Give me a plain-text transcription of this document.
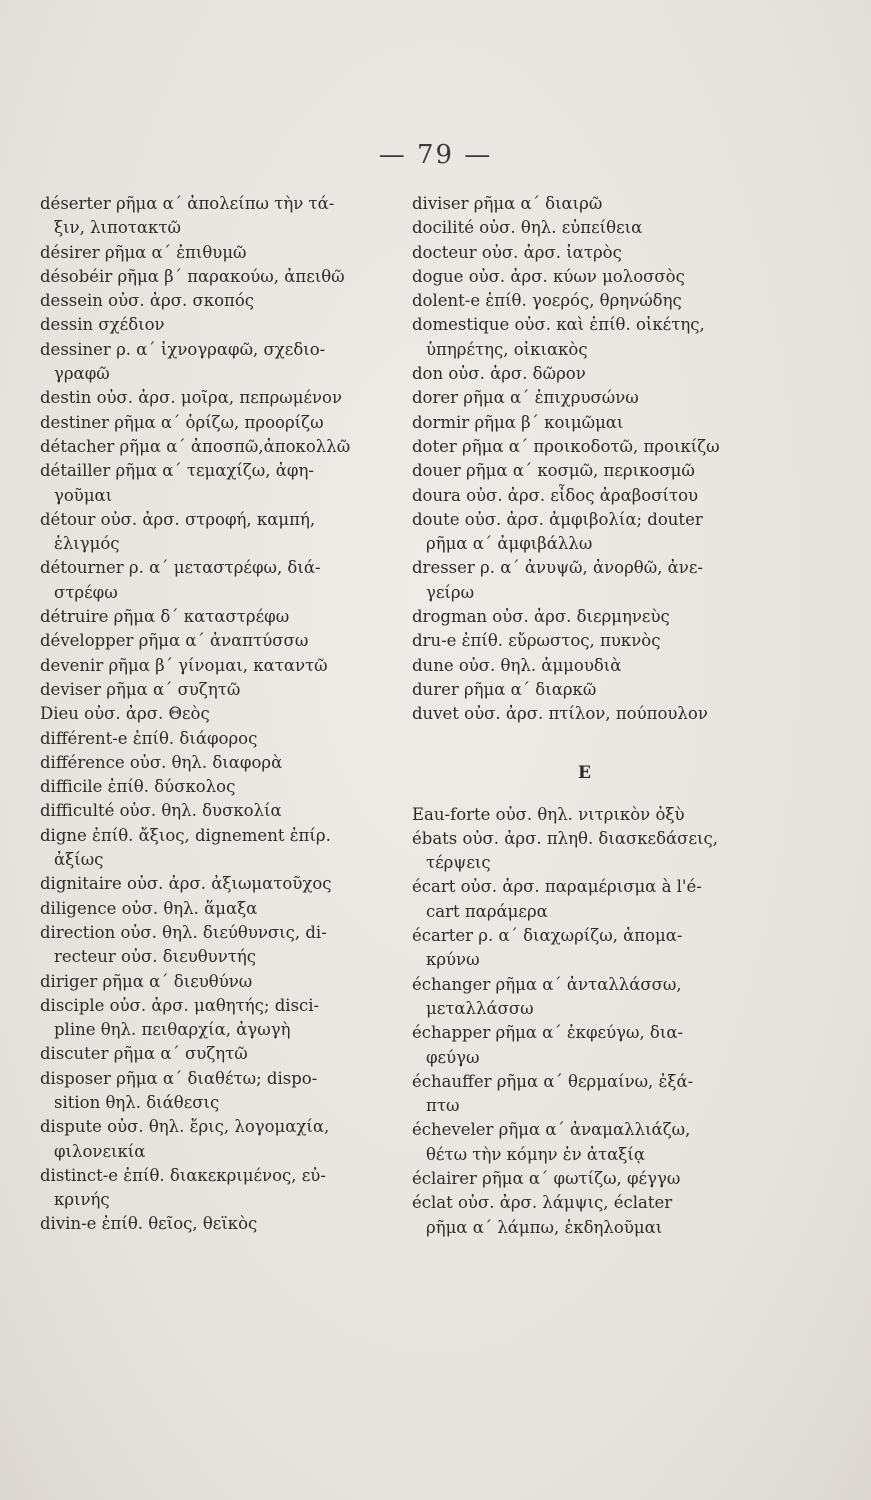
— 79 —
déserter ρῆμα α΄ ἀπολείπω τὴν τά-
ξιν, λιποτακτῶ
désirer ρῆμα α΄ ἐπιθυμῶ
désobéir ρῆμα β΄ παρακούω, ἀπειθῶ
dessein οὐσ. ἀρσ. σκοπός
dessin σχέδιον
dessiner ρ. α΄ ἰχνογραφῶ, σχεδιο-
γραφῶ
destin οὐσ. ἀρσ. μοῖρα, πεπρωμένον
destiner ρῆμα α΄ ὁρίζω, προορίζω
détacher ρῆμα α΄ ἀποσπῶ,ἀποκολλῶ
détailler ρῆμα α΄ τεμαχίζω, ἀφη-
γοῦμαι
détour οὐσ. ἀρσ. στροφή, καμπή,
ἑλιγμός
détourner ρ. α΄ μεταστρέφω, διά-
στρέφω
détruire ρῆμα δ΄ καταστρέφω
développer ρῆμα α΄ ἀναπτύσσω
devenir ρῆμα β΄ γίνομαι, καταντῶ
deviser ρῆμα α΄ συζητῶ
Dieu οὐσ. ἀρσ. Θεὸς
différent-e ἐπίθ. διάφορος
différence οὐσ. θηλ. διαφορὰ
difficile ἐπίθ. δύσκολος
difficulté οὐσ. θηλ. δυσκολία
digne ἐπίθ. ἄξιος, dignement ἐπίρ.
ἀξίως
dignitaire οὐσ. ἀρσ. ἀξιωματοῦχος
diligence οὐσ. θηλ. ἅμαξα
direction οὐσ. θηλ. διεύθυνσις, di-
recteur οὐσ. διευθυντής
diriger ρῆμα α΄ διευθύνω
disciple οὐσ. ἀρσ. μαθητής; disci-
pline θηλ. πειθαρχία, ἀγωγὴ
discuter ρῆμα α΄ συζητῶ
disposer ρῆμα α΄ διαθέτω; dispo-
sition θηλ. διάθεσις
dispute οὐσ. θηλ. ἔρις, λογομαχία,
φιλονεικία
distinct-e ἐπίθ. διακεκριμένος, εὐ-
κρινής
divin-e ἐπίθ. θεῖος, θεϊκὸς
diviser ρῆμα α΄ διαιρῶ
docilité οὐσ. θηλ. εὐπείθεια
docteur οὐσ. ἀρσ. ἰατρὸς
dogue οὐσ. ἀρσ. κύων μολοσσὸς
dolent-e ἐπίθ. γοερός, θρηνώδης
domestique οὐσ. καὶ ἐπίθ. οἰκέτης,
ὑπηρέτης, οἰκιακὸς
don οὐσ. ἀρσ. δῶρον
dorer ρῆμα α΄ ἐπιχρυσώνω
dormir ρῆμα β΄ κοιμῶμαι
doter ρῆμα α΄ προικοδοτῶ, προικίζω
douer ρῆμα α΄ κοσμῶ, περικοσμῶ
doura οὐσ. ἀρσ. εἶδος ἀραβοσίτου
doute οὐσ. ἀρσ. ἀμφιβολία; douter
ρῆμα α΄ ἀμφιβάλλω
dresser ρ. α΄ ἀνυψῶ, ἀνορθῶ, ἀνε-
γείρω
drogman οὐσ. ἀρσ. διερμηνεὺς
dru-e ἐπίθ. εὔρωστος, πυκνὸς
dune οὐσ. θηλ. ἀμμουδιὰ
durer ρῆμα α΄ διαρκῶ
duvet οὐσ. ἀρσ. πτίλον, πούπουλον
E
Eau-forte οὐσ. θηλ. νιτρικὸν ὀξὺ
ébats οὐσ. ἀρσ. πληθ. διασκεδάσεις,
τέρψεις
écart οὐσ. ἀρσ. παραμέρισμα à l'é-
cart παράμερα
écarter ρ. α΄ διαχωρίζω, ἀπομα-
κρύνω
échanger ρῆμα α΄ ἀνταλλάσσω,
μεταλλάσσω
échapper ρῆμα α΄ ἐκφεύγω, δια-
φεύγω
échauffer ρῆμα α΄ θερμαίνω, ἐξά-
πτω
écheveler ρῆμα α΄ ἀναμαλλιάζω,
θέτω τὴν κόμην ἐν ἀταξίᾳ
éclairer ρῆμα α΄ φωτίζω, φέγγω
éclat οὐσ. ἀρσ. λάμψις, éclater
ρῆμα α΄ λάμπω, ἐκδηλοῦμαι
